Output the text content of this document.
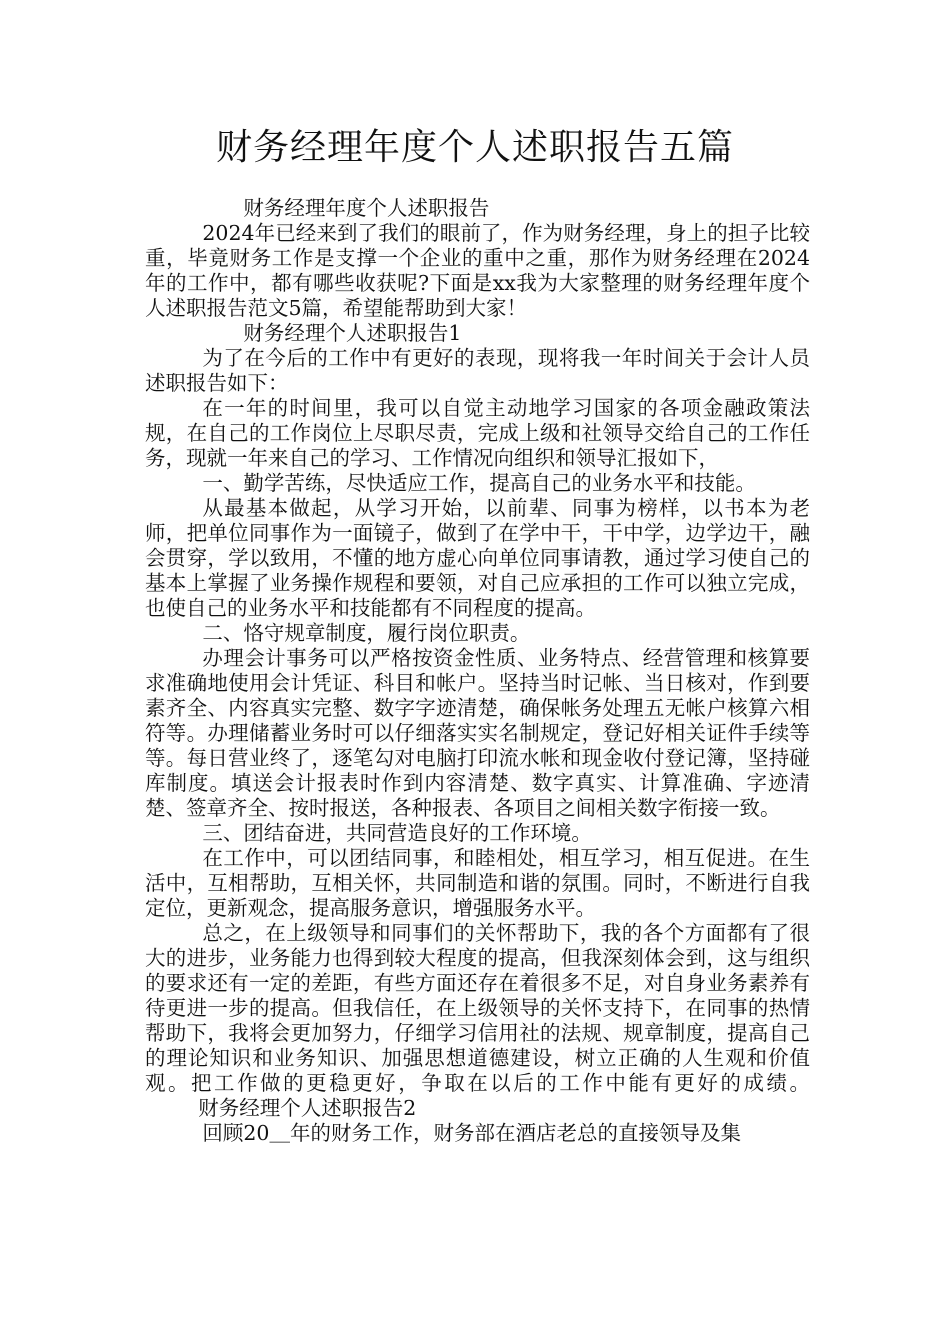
财务经理年度个人述职报告五篇

财务经理年度个人述职报告

2024年已经来到了我们的眼前了，作为财务经理，身上的担子比较重，毕竟财务工作是支撑一个企业的重中之重，那作为财务经理在2024年的工作中，都有哪些收获呢?下面是xx我为大家整理的财务经理年度个人述职报告范文5篇，希望能帮助到大家！

财务经理个人述职报告1

为了在今后的工作中有更好的表现，现将我一年时间关于会计人员述职报告如下：

在一年的时间里，我可以自觉主动地学习国家的各项金融政策法规，在自己的工作岗位上尽职尽责，完成上级和社领导交给自己的工作任务，现就一年来自己的学习、工作情况向组织和领导汇报如下，

一、勤学苦练，尽快适应工作，提高自己的业务水平和技能。

从最基本做起，从学习开始，以前辈、同事为榜样，以书本为老师，把单位同事作为一面镜子，做到了在学中干，干中学，边学边干，融会贯穿，学以致用，不懂的地方虚心向单位同事请教，通过学习使自己的基本上掌握了业务操作规程和要领，对自己应承担的工作可以独立完成，也使自己的业务水平和技能都有不同程度的提高。

二、恪守规章制度，履行岗位职责。

办理会计事务可以严格按资金性质、业务特点、经营管理和核算要求准确地使用会计凭证、科目和帐户。坚持当时记帐、当日核对，作到要素齐全、内容真实完整、数字字迹清楚，确保帐务处理五无帐户核算六相符等。办理储蓄业务时可以仔细落实实名制规定，登记好相关证件手续等等。每日营业终了，逐笔勾对电脑打印流水帐和现金收付登记簿，坚持碰库制度。填送会计报表时作到内容清楚、数字真实、计算准确、字迹清楚、签章齐全、按时报送，各种报表、各项目之间相关数字衔接一致。

三、团结奋进，共同营造良好的工作环境。

在工作中，可以团结同事，和睦相处，相互学习，相互促进。在生活中，互相帮助，互相关怀，共同制造和谐的氛围。同时，不断进行自我定位，更新观念，提高服务意识，增强服务水平。

总之，在上级领导和同事们的关怀帮助下，我的各个方面都有了很大的进步，业务能力也得到较大程度的提高，但我深刻体会到，这与组织的要求还有一定的差距，有些方面还存在着很多不足，对自身业务素养有待更进一步的提高。但我信任，在上级领导的关怀支持下，在同事的热情帮助下，我将会更加努力，仔细学习信用社的法规、规章制度，提高自己的理论知识和业务知识、加强思想道德建设，树立正确的人生观和价值观。把工作做的更稳更好，争取在以后的工作中能有更好的成绩。财务经理个人述职报告2

回顾20＿年的财务工作，财务部在酒店老总的直接领导及集
